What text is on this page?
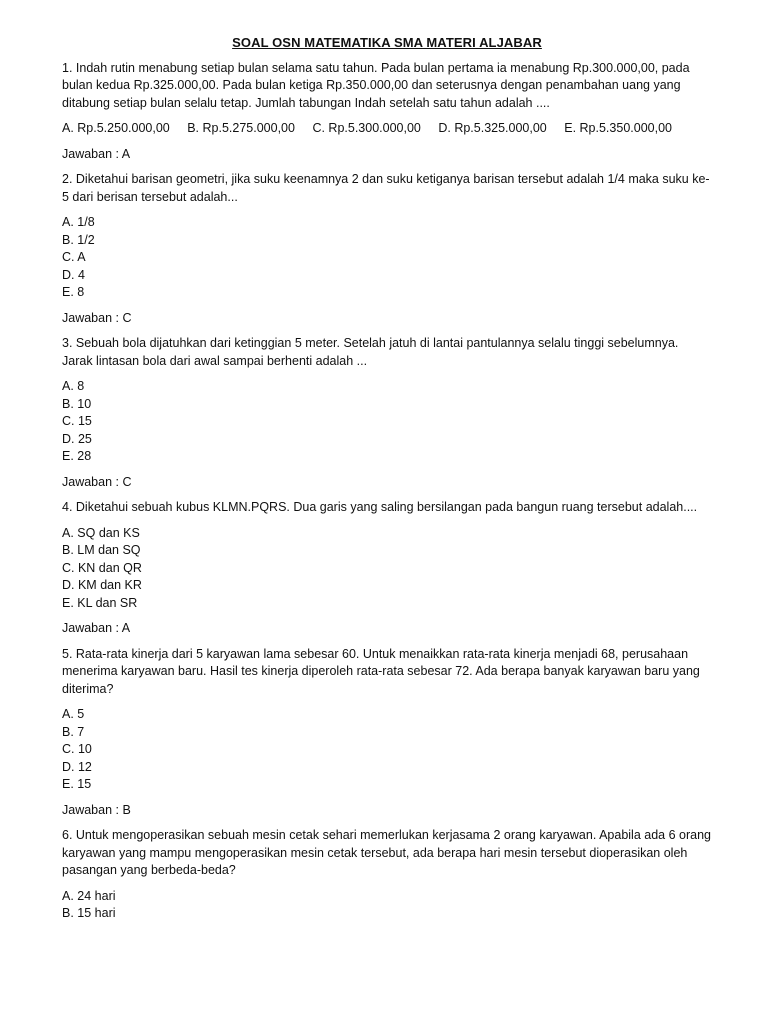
SOAL OSN MATEMATIKA SMA MATERI ALJABAR
1. Indah rutin menabung setiap bulan selama satu tahun. Pada bulan pertama ia menabung Rp.300.000,00, pada bulan kedua Rp.325.000,00. Pada bulan ketiga Rp.350.000,00 dan seterusnya dengan penambahan uang yang ditabung setiap bulan selalu tetap. Jumlah tabungan Indah setelah satu tahun adalah ....
A. Rp.5.250.000,00 B. Rp.5.275.000,00 C. Rp.5.300.000,00 D. Rp.5.325.000,00 E. Rp.5.350.000,00
Jawaban : A
2. Diketahui barisan geometri, jika suku keenamnya 2 dan suku ketiganya barisan tersebut adalah 1/4 maka suku ke-5 dari berisan tersebut adalah...
A. 1/8
B. 1/2
C. A
D. 4
E. 8
Jawaban : C
3. Sebuah bola dijatuhkan dari ketinggian 5 meter. Setelah jatuh di lantai pantulannya selalu tinggi sebelumnya. Jarak lintasan bola dari awal sampai berhenti adalah ...
A. 8
B. 10
C. 15
D. 25
E. 28
Jawaban : C
4. Diketahui sebuah kubus KLMN.PQRS. Dua garis yang saling bersilangan pada bangun ruang tersebut adalah....
A. SQ dan KS
B. LM dan SQ
C. KN dan QR
D. KM dan KR
E. KL dan SR
Jawaban : A
5. Rata-rata kinerja dari 5 karyawan lama sebesar 60. Untuk menaikkan rata-rata kinerja menjadi 68, perusahaan menerima karyawan baru. Hasil tes kinerja diperoleh rata-rata sebesar 72. Ada berapa banyak karyawan baru yang diterima?
A. 5
B. 7
C. 10
D. 12
E. 15
Jawaban : B
6. Untuk mengoperasikan sebuah mesin cetak sehari memerlukan kerjasama 2 orang karyawan. Apabila ada 6 orang karyawan yang mampu mengoperasikan mesin cetak tersebut, ada berapa hari mesin tersebut dioperasikan oleh pasangan yang berbeda-beda?
A. 24 hari
B. 15 hari
